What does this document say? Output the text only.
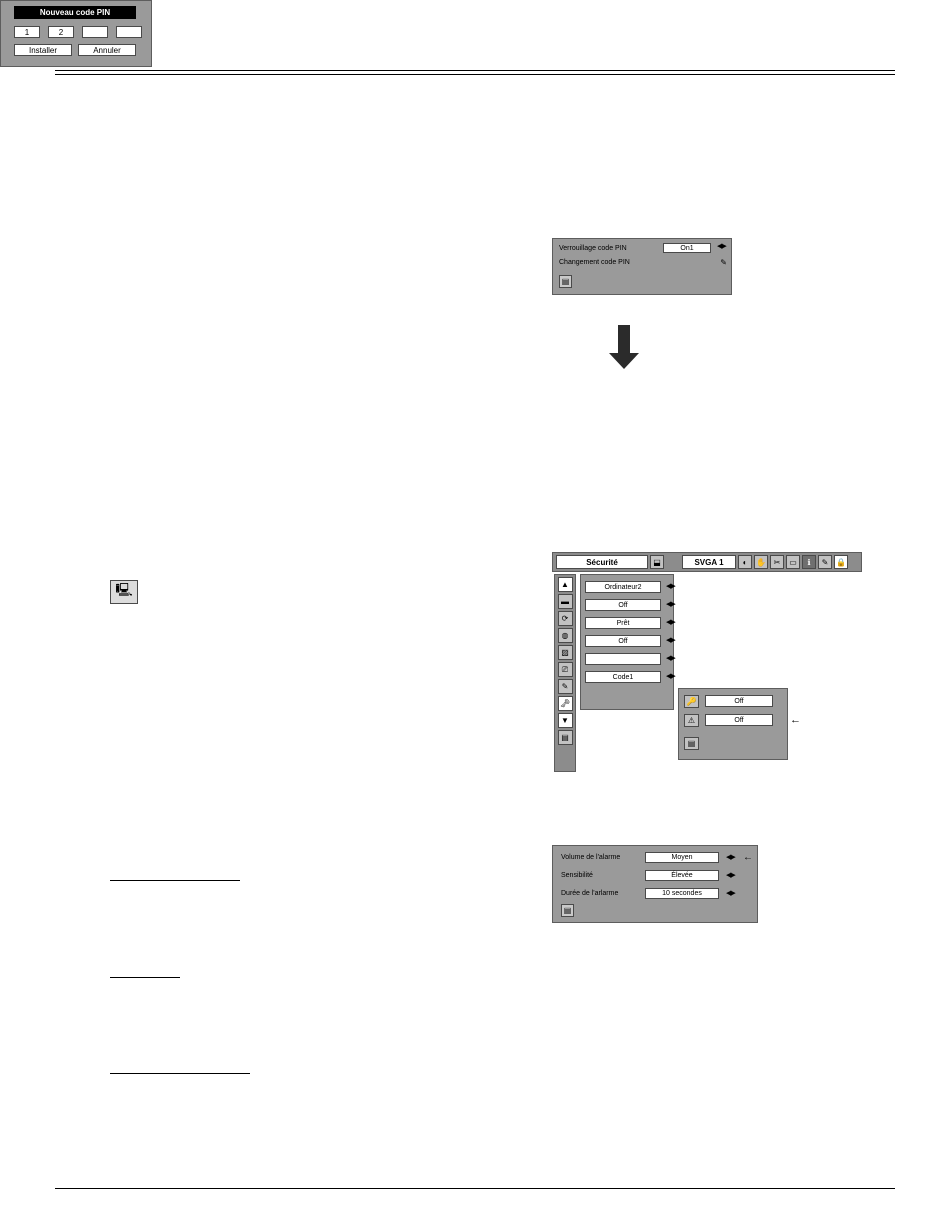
Verrouillage code PIN	On1	◀▶
Changement code PIN	✎
▤
Nouveau code PIN
1	2
Installer	Annuler
Sécurité	⬓	SVGA 1	◐	✋ ✂	▭	ℹ	✎ 🔒
▲
▬
⟳
◍
▨
⎚
✎
🗝
▼
▤
Ordinateur2	◀▶
Off	◀▶
Prêt	◀▶
Off	◀▶
◀▶
Code1	◀▶
🔑	Off
⚠	Off
▤
←
Volume de l'alarme	Moyen	◀▶
Sensibilité	Élevée	◀▶
Durée de l'arlarme	10 secondes	◀▶
▤
←
🖳
